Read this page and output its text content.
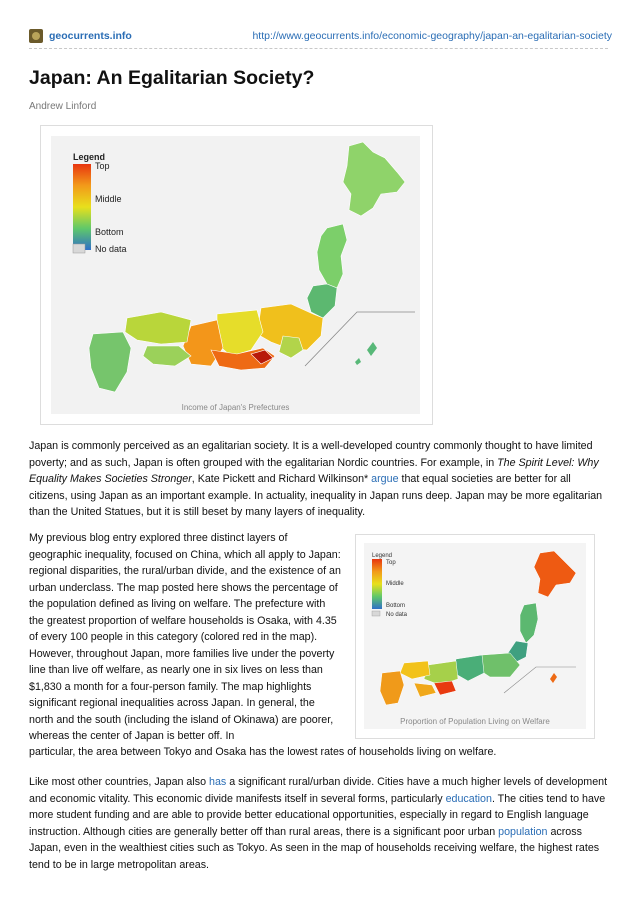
geocurrents.info	http://www.geocurrents.info/economic-geography/japan-an-egalitarian-society
Japan: An Egalitarian Society?
Andrew Linford
Legend
Top
Middle
Bottom
No data
Income of Japan's Prefectures

Japan is commonly perceived as an egalitarian society. It is a well-developed country commonly thought to have limited poverty; and as such, Japan is often grouped with the egalitarian Nordic countries. For example, in The Spirit Level: Why Equality Makes Societies Stronger, Kate Pickett and Richard Wilkinson* argue that equal societies are better for all citizens, using Japan as an important example. In actuality, inequality in Japan runs deep. Japan may be more egalitarian than the United Statues, but it is still beset by many layers of inequality.

Legend
Top
Middle
Bottom
No data
Proportion of Population Living on Welfare

My previous blog entry explored three distinct layers of geographic inequality, focused on China, which all apply to Japan: regional disparities, the rural/urban divide, and the existence of an urban underclass. The map posted here shows the percentage of the population defined as living on welfare. The prefecture with the greatest proportion of welfare households is Osaka, with 4.35 of every 100 people in this category (colored red in the map). However, throughout Japan, more families live under the poverty line than live off welfare, as nearly one in six lives on less than $1,830 a month for a four-person family. The map highlights significant regional inequalities across Japan. In general, the north and the south (including the island of Okinawa) are poorer, whereas the center of Japan is better off. In

particular, the area between Tokyo and Osaka has the lowest rates of households living on welfare.

Like most other countries, Japan also has a significant rural/urban divide. Cities have a much higher levels of development and economic vitality. This economic divide manifests itself in several forms, particularly education. The cities tend to have more student funding and are able to provide better educational opportunities, especially in regard to English language instruction. Although cities are generally better off than rural areas, there is a significant poor urban population across Japan, even in the wealthiest cities such as Tokyo. As seen in the map of households receiving welfare, the highest rates tend to be in large metropolitan areas.
